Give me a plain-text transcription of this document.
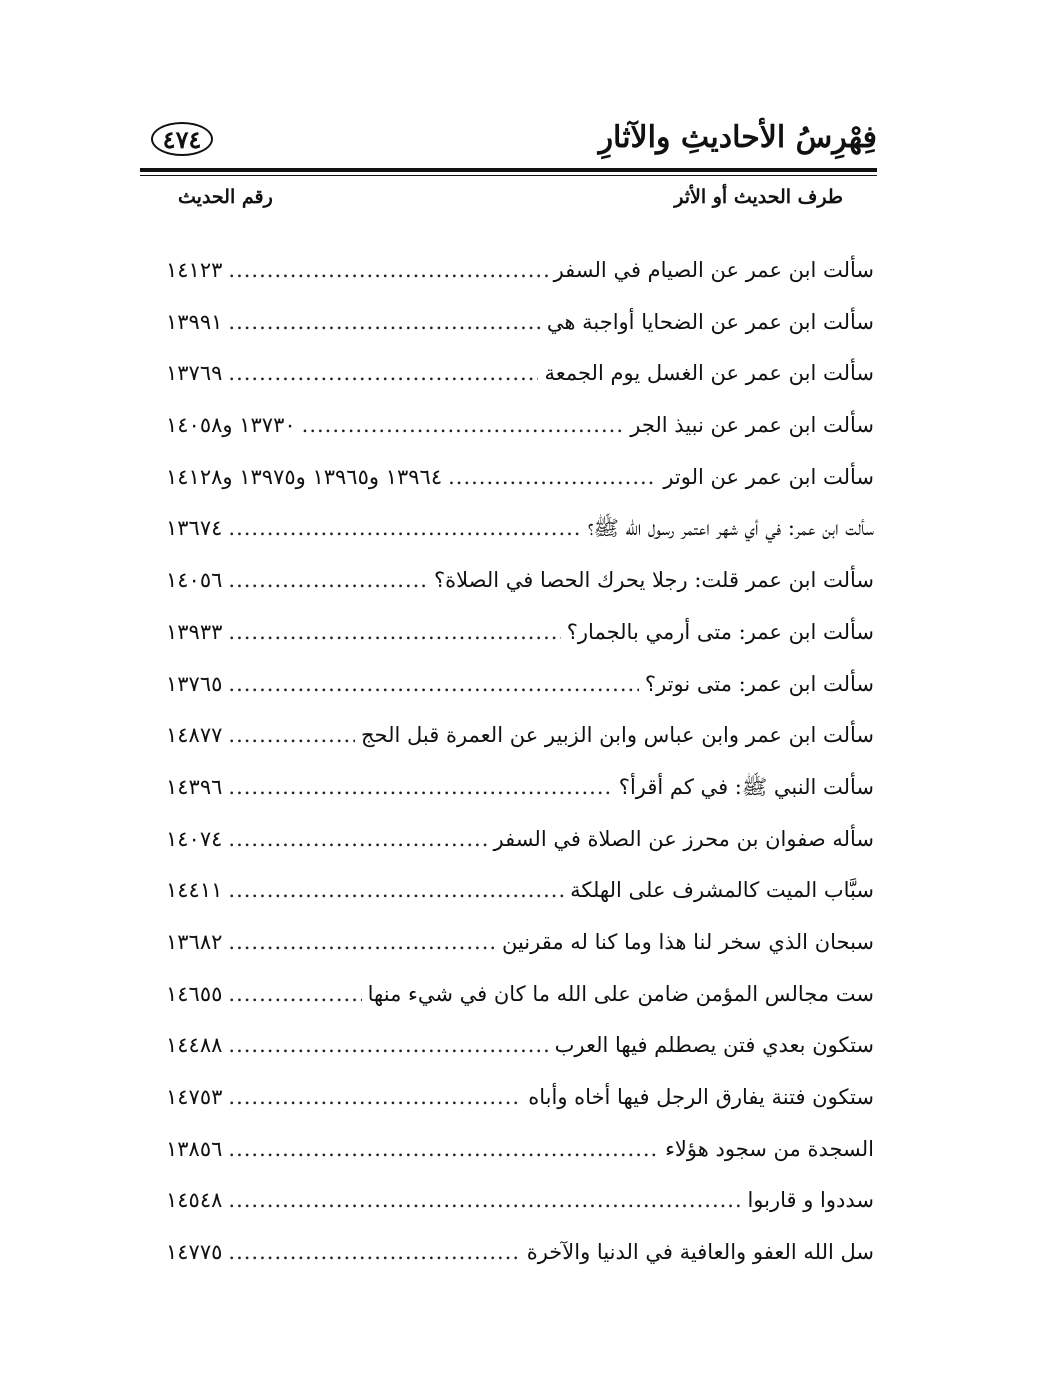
فِهْرِسُ الأحاديثِ والآثارِ
٤٧٤
طرف الحديث أو الأثر
رقم الحديث
سألت ابن عمر عن الصيام في السفر
.....
١٤١٢٣
سألت ابن عمر عن الضحايا أواجبة هي
.....
١٣٩٩١
سألت ابن عمر عن الغسل يوم الجمعة
.....
١٣٧٦٩
سألت ابن عمر عن نبيذ الجر
.....
١٣٧٣٠ و١٤٠٥٨
سألت ابن عمر عن الوتر
.....
١٣٩٦٤ و١٣٩٦٥ و١٣٩٧٥ و١٤١٢٨
سألت ابن عمر: في أي شهر اعتمر رسول الله ﷺ؟
.....
١٣٦٧٤
سألت ابن عمر قلت: رجلا يحرك الحصا في الصلاة؟
.....
١٤٠٥٦
سألت ابن عمر: متى أرمي بالجمار؟
.....
١٣٩٣٣
سألت ابن عمر: متى نوتر؟
.....
١٣٧٦٥
سألت ابن عمر وابن عباس وابن الزبير عن العمرة قبل الحج
.....
١٤٨٧٧
سألت النبي ﷺ: في كم أقرأ؟
.....
١٤٣٩٦
سأله صفوان بن محرز عن الصلاة في السفر
.....
١٤٠٧٤
سبَّاب الميت كالمشرف على الهلكة
.....
١٤٤١١
سبحان الذي سخر لنا هذا وما كنا له مقرنين
.....
١٣٦٨٢
ست مجالس المؤمن ضامن على الله ما كان في شيء منها
.....
١٤٦٥٥
ستكون بعدي فتن يصطلم فيها العرب
.....
١٤٤٨٨
ستكون فتنة يفارق الرجل فيها أخاه وأباه
.....
١٤٧٥٣
السجدة من سجود هؤلاء
.....
١٣٨٥٦
سددوا و قاربوا
.....
١٤٥٤٨
سل الله العفو والعافية في الدنيا والآخرة
.....
١٤٧٧٥
